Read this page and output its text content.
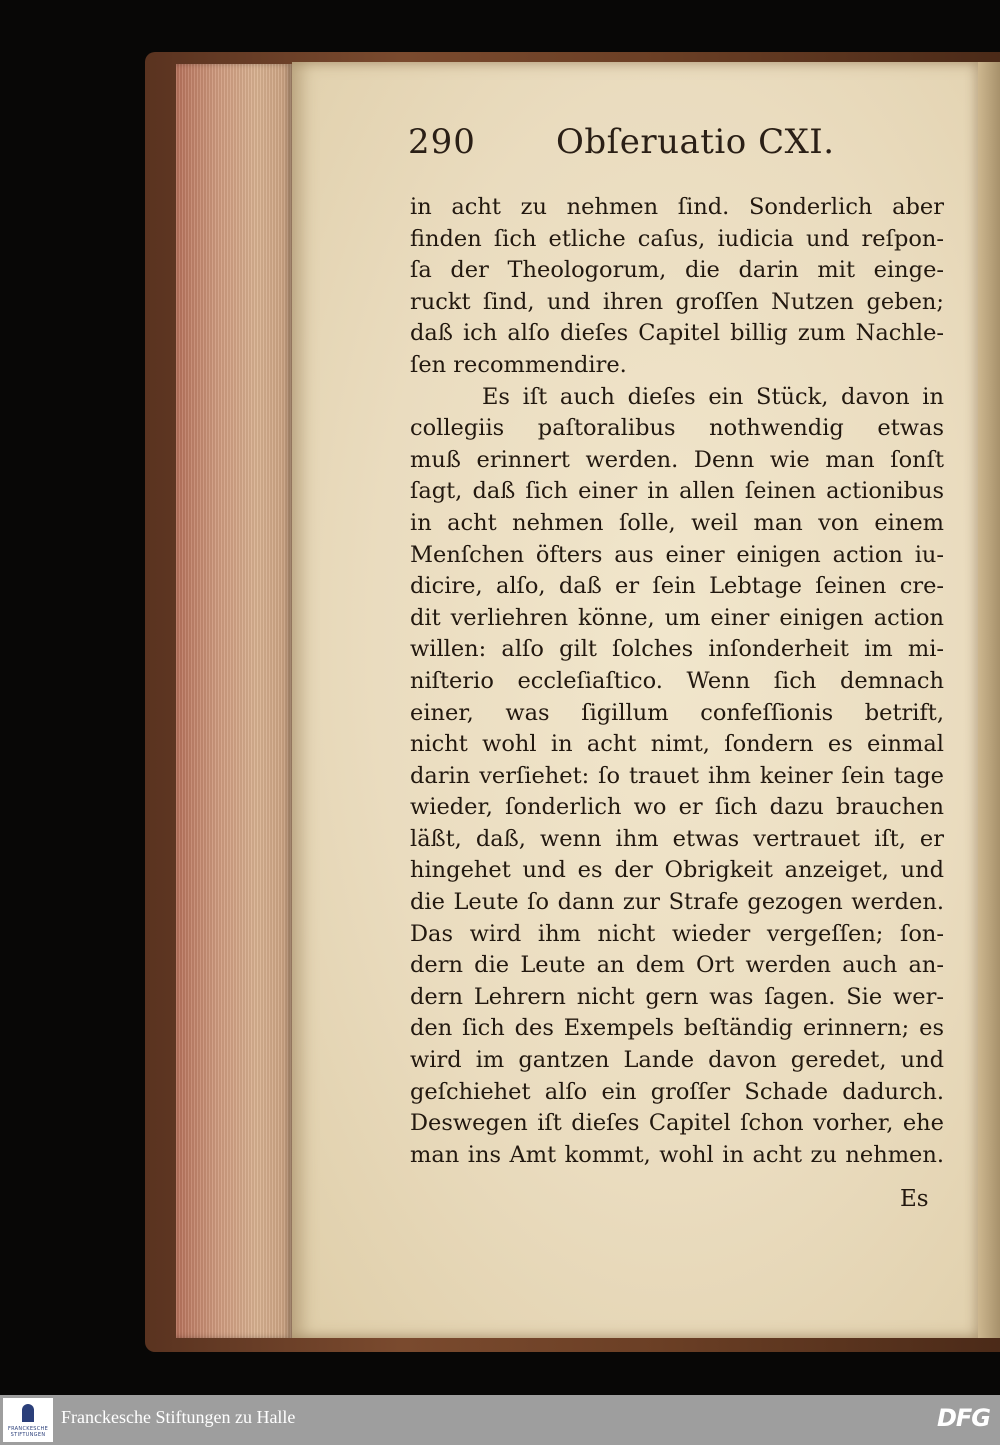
290 Obſeruatio CXI.
in acht zu nehmen ſind. Sonderlich aber
finden ſich etliche caſus, iudicia und reſpon-
ſa der Theologorum, die darin mit einge-
ruckt ſind, und ihren groſſen Nutzen geben;
daß ich alſo dieſes Capitel billig zum Nachle-
ſen recommendire.
Es iſt auch dieſes ein Stück, davon in
collegiis paſtoralibus nothwendig etwas
muß erinnert werden. Denn wie man ſonſt
ſagt, daß ſich einer in allen ſeinen actionibus
in acht nehmen ſolle, weil man von einem
Menſchen öfters aus einer einigen action iu-
dicire, alſo, daß er ſein Lebtage ſeinen cre-
dit verliehren könne, um einer einigen action
willen: alſo gilt ſolches inſonderheit im mi-
niſterio eccleſiaſtico. Wenn ſich demnach
einer, was ſigillum confeſſionis betrift,
nicht wohl in acht nimt, ſondern es einmal
darin verſiehet: ſo trauet ihm keiner ſein tage
wieder, ſonderlich wo er ſich dazu brauchen
läßt, daß, wenn ihm etwas vertrauet iſt, er
hingehet und es der Obrigkeit anzeiget, und
die Leute ſo dann zur Strafe gezogen werden.
Das wird ihm nicht wieder vergeſſen; ſon-
dern die Leute an dem Ort werden auch an-
dern Lehrern nicht gern was ſagen. Sie wer-
den ſich des Exempels beſtändig erinnern; es
wird im gantzen Lande davon geredet, und
geſchiehet alſo ein groſſer Schade dadurch.
Deswegen iſt dieſes Capitel ſchon vorher, ehe
man ins Amt kommt, wohl in acht zu nehmen.
Es
FRANCKESCHE
STIFTUNGEN
Franckesche Stiftungen zu Halle	DFG
